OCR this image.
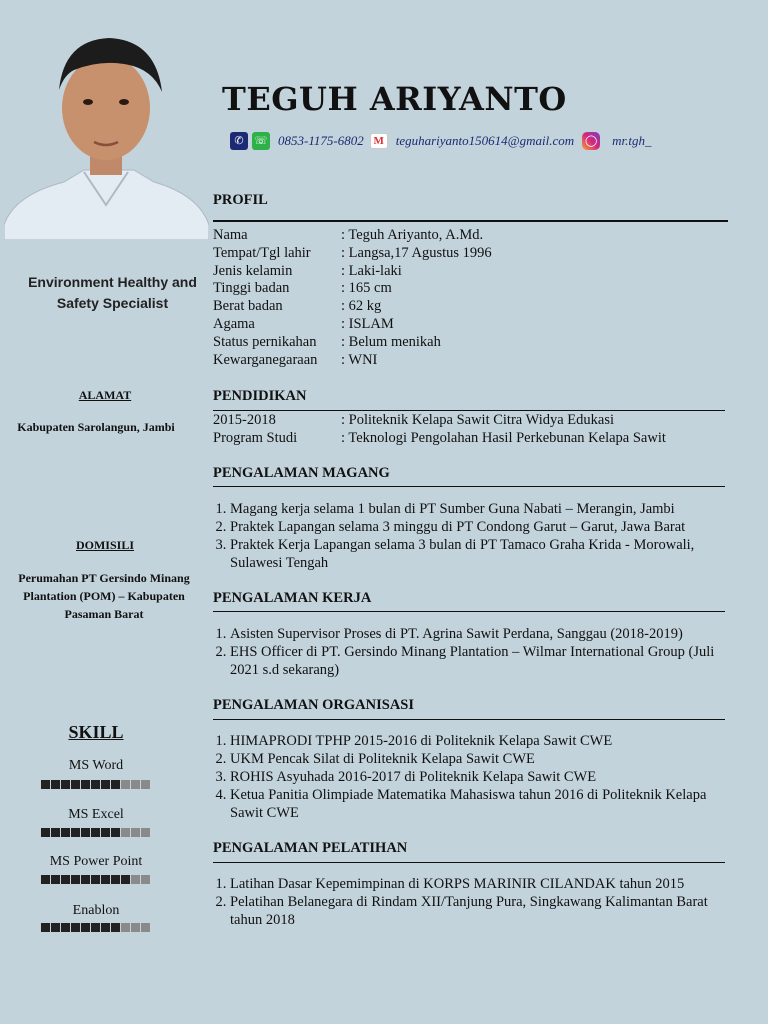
Environment Healthy and Safety Specialist
ALAMAT
Kabupaten Sarolangun, Jambi
DOMISILI
Perumahan PT Gersindo Minang Plantation (POM) – Kabupaten Pasaman Barat
SKILL
MS Word
MS Excel
MS Power Point
Enablon
TEGUH ARIYANTO
✆ ☏ 0853-1175-6802 M teguhariyanto150614@gmail.com ◯ mr.tgh_
PROFIL
Nama	: Teguh Ariyanto, A.Md.
Tempat/Tgl lahir	: Langsa,17 Agustus 1996
Jenis kelamin	: Laki-laki
Tinggi badan	: 165 cm
Berat badan	: 62 kg
Agama	: ISLAM
Status pernikahan	: Belum menikah
Kewarganegaraan	: WNI
PENDIDIKAN
2015-2018	: Politeknik Kelapa Sawit Citra Widya Edukasi
Program Studi	: Teknologi Pengolahan Hasil Perkebunan Kelapa Sawit
PENGALAMAN MAGANG
1. Magang kerja selama 1 bulan di PT Sumber Guna Nabati – Merangin, Jambi
2. Praktek Lapangan selama 3 minggu di PT Condong Garut – Garut, Jawa Barat
3. Praktek Kerja Lapangan selama 3 bulan di PT Tamaco Graha Krida - Morowali, Sulawesi Tengah
PENGALAMAN KERJA
1. Asisten Supervisor Proses di PT. Agrina Sawit Perdana, Sanggau (2018-2019)
2. EHS Officer di PT. Gersindo Minang Plantation – Wilmar International Group (Juli 2021 s.d sekarang)
PENGALAMAN ORGANISASI
1. HIMAPRODI TPHP 2015-2016 di Politeknik Kelapa Sawit CWE
2. UKM Pencak Silat di Politeknik Kelapa Sawit CWE
3. ROHIS Asyuhada 2016-2017 di Politeknik Kelapa Sawit CWE
4. Ketua Panitia Olimpiade Matematika Mahasiswa tahun 2016 di Politeknik Kelapa Sawit CWE
PENGALAMAN PELATIHAN
1. Latihan Dasar Kepemimpinan di KORPS MARINIR CILANDAK tahun 2015
2. Pelatihan Belanegara di Rindam XII/Tanjung Pura, Singkawang Kalimantan Barat tahun 2018
